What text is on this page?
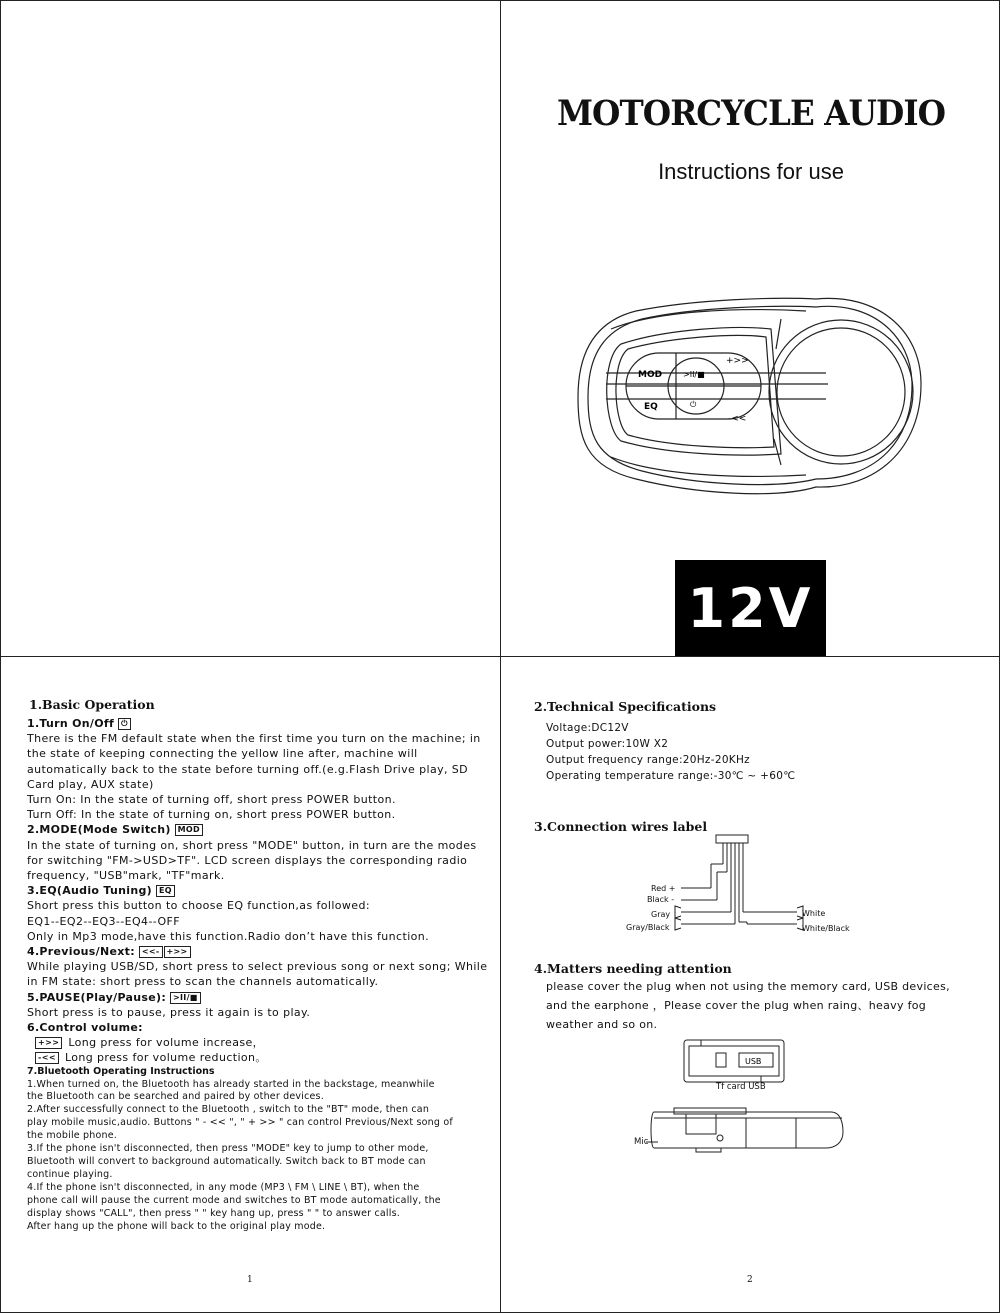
MOTORCYCLE AUDIO
Instructions for use
MOD
EQ
>II/■
⏻
+>>
-<<
12V
1.Basic Operation
1.Turn On/Off ⏻
There is the FM default state when the first time you turn on the machine; in
the state of keeping connecting the yellow line after, machine will
automatically back to the state before turning off.(e.g.Flash Drive play, SD
Card play, AUX state)
Turn On: In the state of turning off, short press POWER button.
Turn Off: In the state of turning on, short press POWER button.
2.MODE(Mode Switch) MOD
In the state of turning on, short press "MODE" button, in turn are the modes
for switching "FM->USD>TF". LCD screen displays the corresponding radio
frequency, "USB"mark, "TF"mark.
3.EQ(Audio Tuning) EQ
Short press this button to choose EQ function,as followed:
EQ1--EQ2--EQ3--EQ4--OFF
Only in Mp3 mode,have this function.Radio don’t have this function.
4.Previous/Next: <<- +>>
While playing USB/SD, short press to select previous song or next song; While
in FM state: short press to scan the channels automatically.
5.PAUSE(Play/Pause): >II/■
Short press is to pause, press it again is to play.
6.Control volume:
+>> Long press for volume increase，
-<< Long press for volume reduction。
7.Bluetooth Operating Instructions
1.When turned on, the Bluetooth has already started in the backstage, meanwhile
the Bluetooth can be searched and paired by other devices.
2.After successfully connect to the Bluetooth , switch to the "BT" mode, then can
play mobile music,audio. Buttons " - << ", " + >> " can control Previous/Next song of
the mobile phone.
3.If the phone isn't disconnected, then press "MODE" key to jump to other mode,
Bluetooth will convert to background automatically. Switch back to BT mode can
continue playing.
4.If the phone isn't disconnected, in any mode (MP3 \ FM \ LINE \ BT), when the
phone call will pause the current mode and switches to BT mode automatically, the
display shows "CALL", then press " " key hang up, press " " to answer calls.
After hang up the phone will back to the original play mode.
1
2.Technical Specifications
Voltage:DC12V
Output power:10W X2
Output frequency range:20Hz-20KHz
Operating temperature range:-30℃ ~ +60℃
3.Connection wires label
Red +
Black -
Gray
Gray/Black
White
White/Black
4.Matters needing attention
please cover the plug when not using the memory card, USB devices,
and the earphone ，Please cover the plug when raing、heavy fog
weather and so on.
USB
Tf card USB
Mic
2
